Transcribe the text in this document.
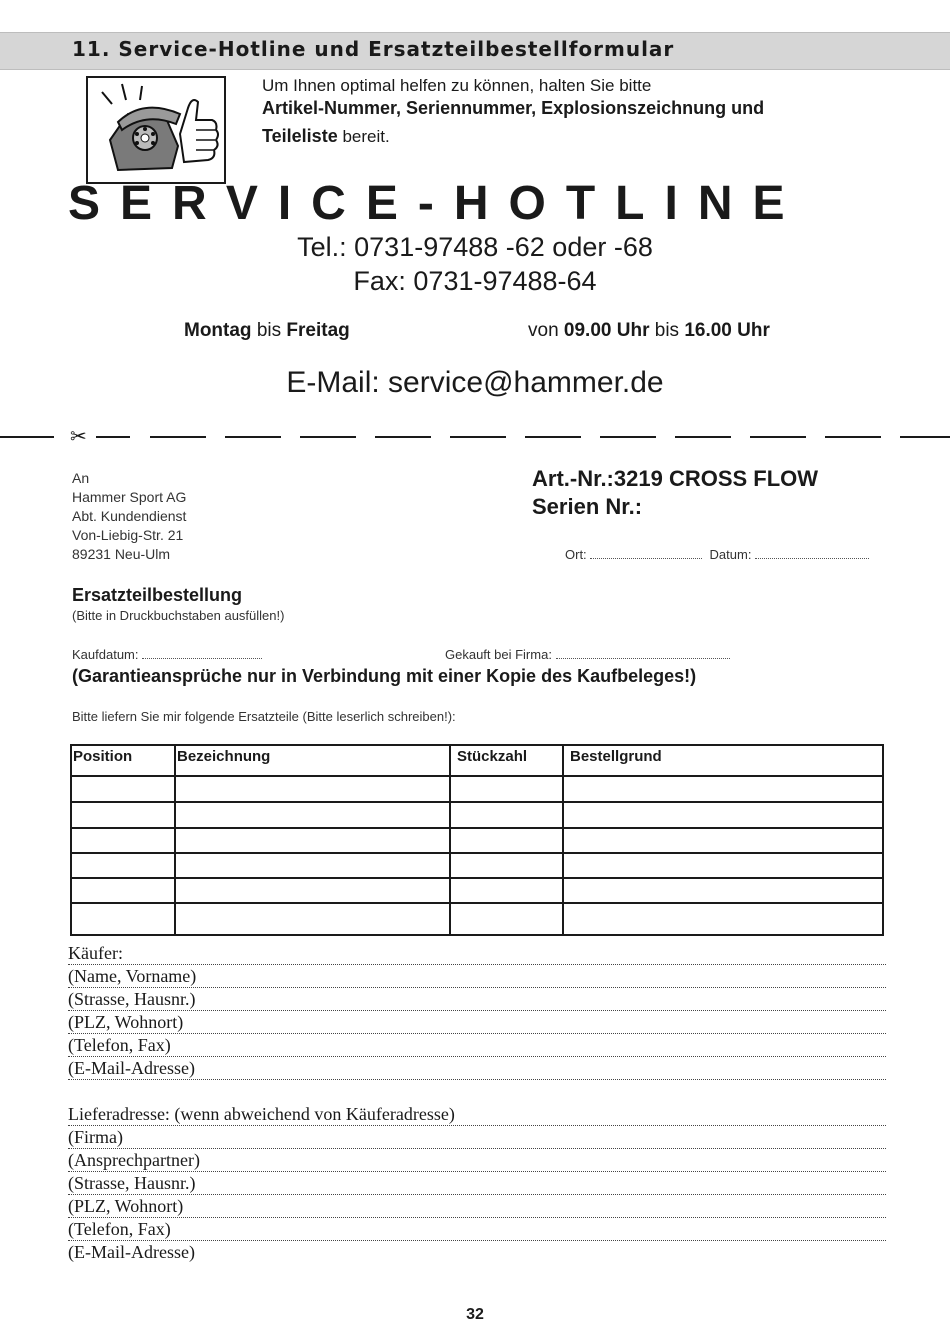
11. Service-Hotline und Ersatzteilbestellformular
Um Ihnen optimal helfen zu können, halten Sie bitte
Artikel-Nummer, Seriennummer, Explosionszeichnung und
Teileliste bereit.
SERVICE-HOTLINE
Tel.: 0731-97488 -62 oder -68
Fax: 0731-97488-64
Montag bis Freitag	von 09.00 Uhr bis 16.00 Uhr
E-Mail: service@hammer.de
✂
An
Hammer Sport AG
Abt. Kundendienst
Von-Liebig-Str. 21
89231 Neu-Ulm
Art.-Nr.:3219 CROSS FLOW
Serien Nr.:
Ort:	Datum:
Ersatzteilbestellung
(Bitte in Druckbuchstaben ausfüllen!)
Kaufdatum:	Gekauft bei Firma:
(Garantieansprüche nur in Verbindung mit einer Kopie des Kaufbeleges!)
Bitte liefern Sie mir folgende Ersatzteile (Bitte leserlich schreiben!):
Position	Bezeichnung	Stückzahl	Bestellgrund
Käufer:
(Name, Vorname)
(Strasse, Hausnr.)
(PLZ, Wohnort)
(Telefon, Fax)
(E-Mail-Adresse)
Lieferadresse: (wenn abweichend von Käuferadresse)
(Firma)
(Ansprechpartner)
(Strasse, Hausnr.)
(PLZ, Wohnort)
(Telefon, Fax)
(E-Mail-Adresse)
32
